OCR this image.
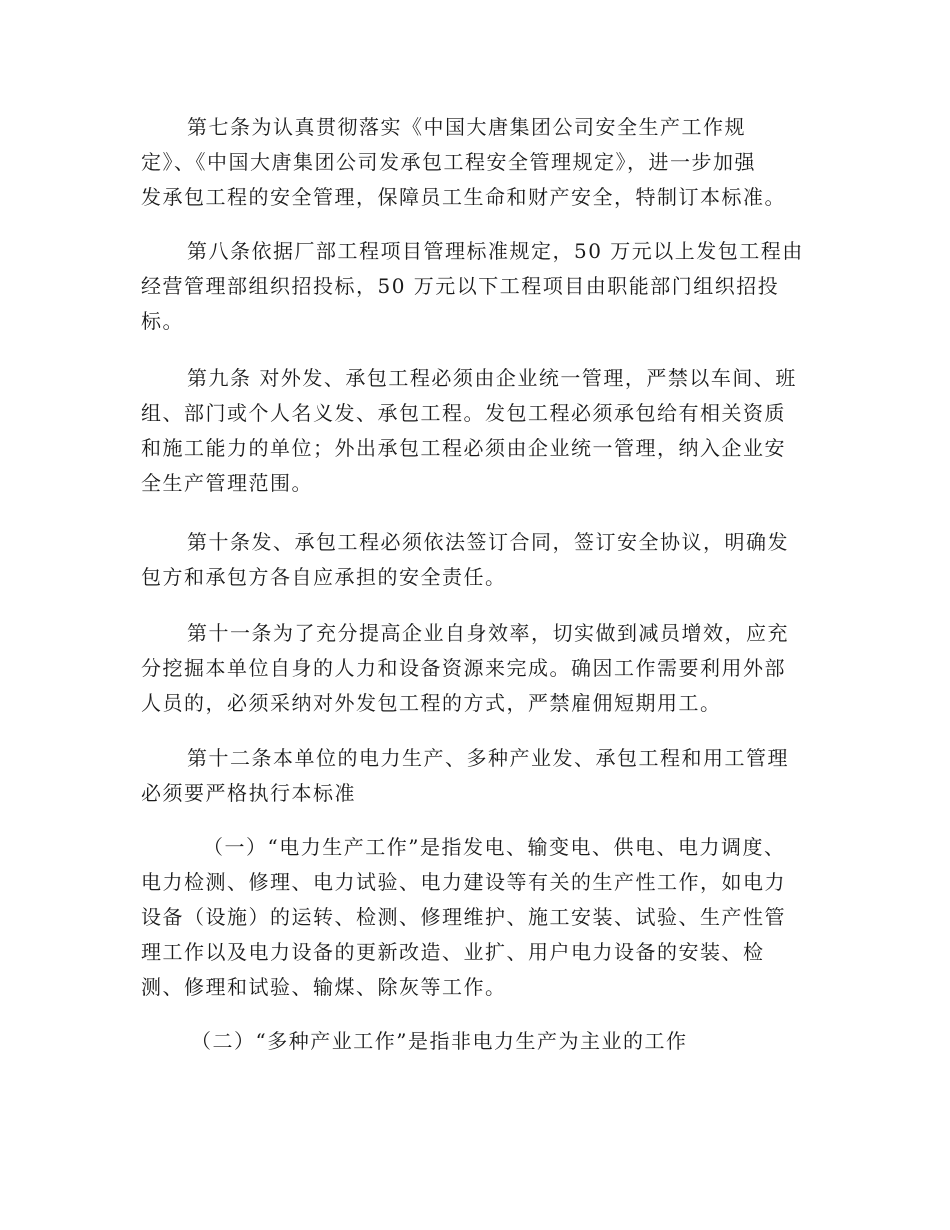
第七条为认真贯彻落实《中国大唐集团公司安全生产工作规
定》、《中国大唐集团公司发承包工程安全管理规定》，进一步加强
发承包工程的安全管理，保障员工生命和财产安全，特制订本标准。
第八条依据厂部工程项目管理标准规定，50 万元以上发包工程由
经营管理部组织招投标，50 万元以下工程项目由职能部门组织招投
标。
第九条 对外发、承包工程必须由企业统一管理，严禁以车间、班
组、部门或个人名义发、承包工程。发包工程必须承包给有相关资质
和施工能力的单位；外出承包工程必须由企业统一管理，纳入企业安
全生产管理范围。
第十条发、承包工程必须依法签订合同，签订安全协议，明确发
包方和承包方各自应承担的安全责任。
第十一条为了充分提高企业自身效率，切实做到减员增效，应充
分挖掘本单位自身的人力和设备资源来完成。确因工作需要利用外部
人员的，必须采纳对外发包工程的方式，严禁雇佣短期用工。
第十二条本单位的电力生产、多种产业发、承包工程和用工管理
必须要严格执行本标准
（一）“电力生产工作”是指发电、输变电、供电、电力调度、
电力检测、修理、电力试验、电力建设等有关的生产性工作，如电力
设备（设施）的运转、检测、修理维护、施工安装、试验、生产性管
理工作以及电力设备的更新改造、业扩、用户电力设备的安装、检
测、修理和试验、输煤、除灰等工作。
（二）“多种产业工作”是指非电力生产为主业的工作
